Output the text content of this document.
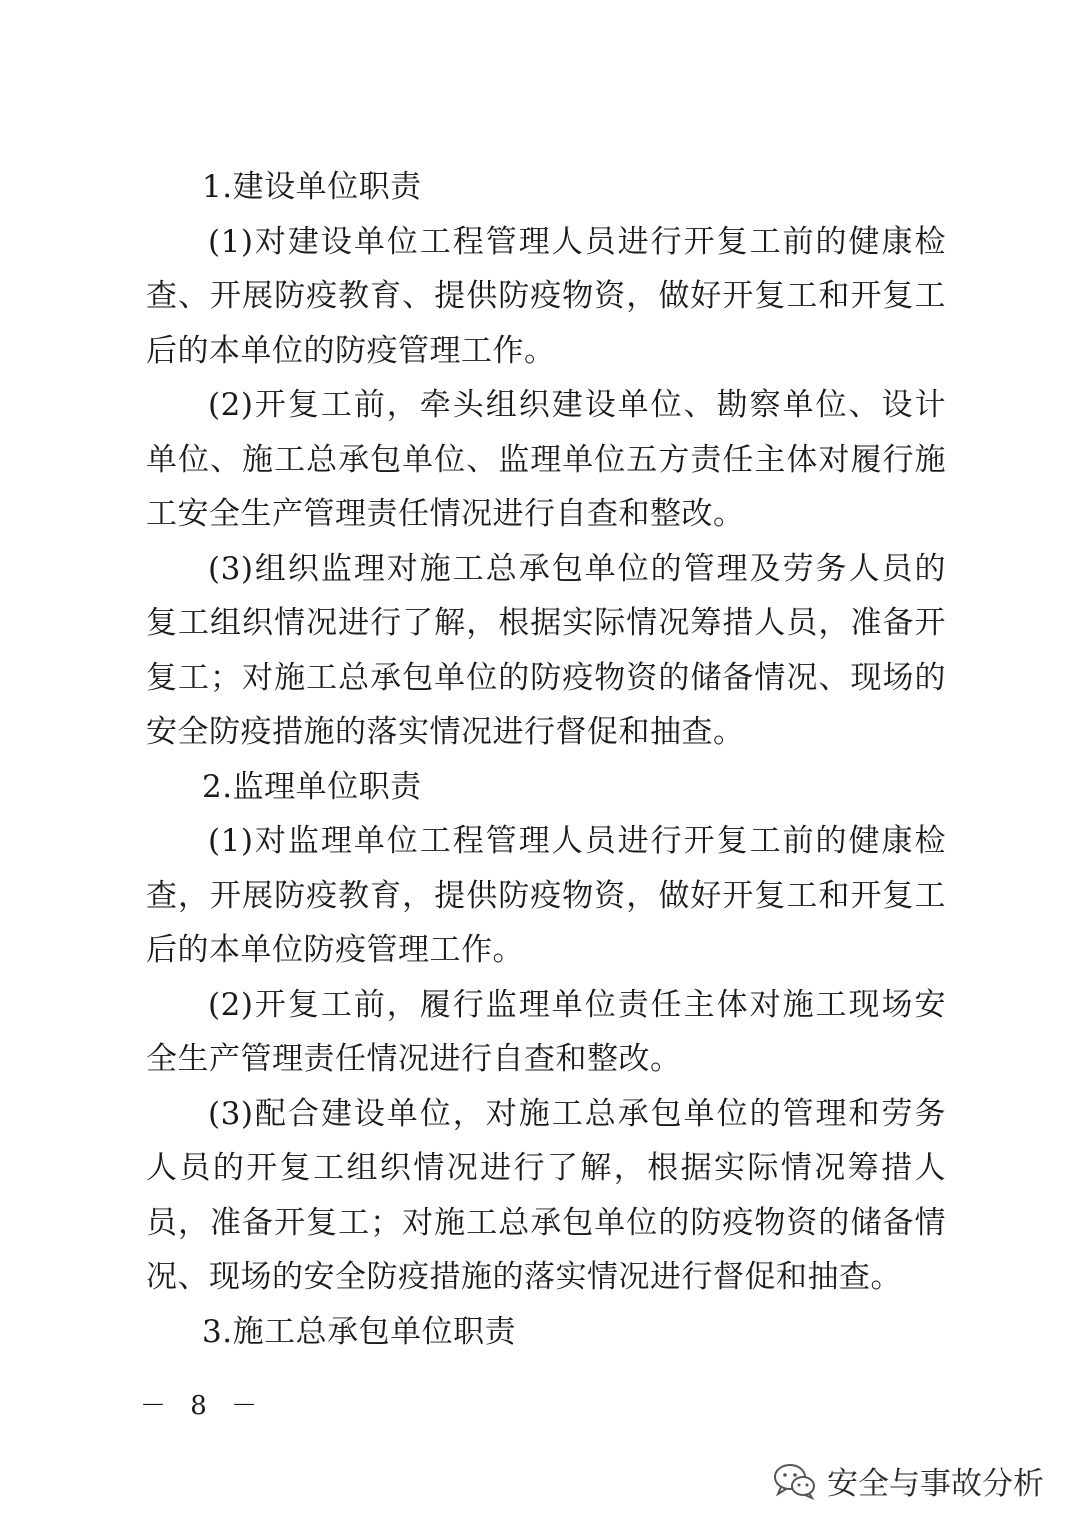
1.建设单位职责

(1)对建设单位工程管理人员进行开复工前的健康检查、开展防疫教育、提供防疫物资，做好开复工和开复工后的本单位的防疫管理工作。

(2)开复工前，牵头组织建设单位、勘察单位、设计单位、施工总承包单位、监理单位五方责任主体对履行施工安全生产管理责任情况进行自查和整改。

(3)组织监理对施工总承包单位的管理及劳务人员的复工组织情况进行了解，根据实际情况筹措人员，准备开复工；对施工总承包单位的防疫物资的储备情况、现场的安全防疫措施的落实情况进行督促和抽查。

2.监理单位职责

(1)对监理单位工程管理人员进行开复工前的健康检查，开展防疫教育，提供防疫物资，做好开复工和开复工后的本单位防疫管理工作。

(2)开复工前，履行监理单位责任主体对施工现场安全生产管理责任情况进行自查和整改。

(3)配合建设单位，对施工总承包单位的管理和劳务人员的开复工组织情况进行了解，根据实际情况筹措人员，准备开复工；对施工总承包单位的防疫物资的储备情况、现场的安全防疫措施的落实情况进行督促和抽查。

3.施工总承包单位职责

－ 8 －
安全与事故分析
